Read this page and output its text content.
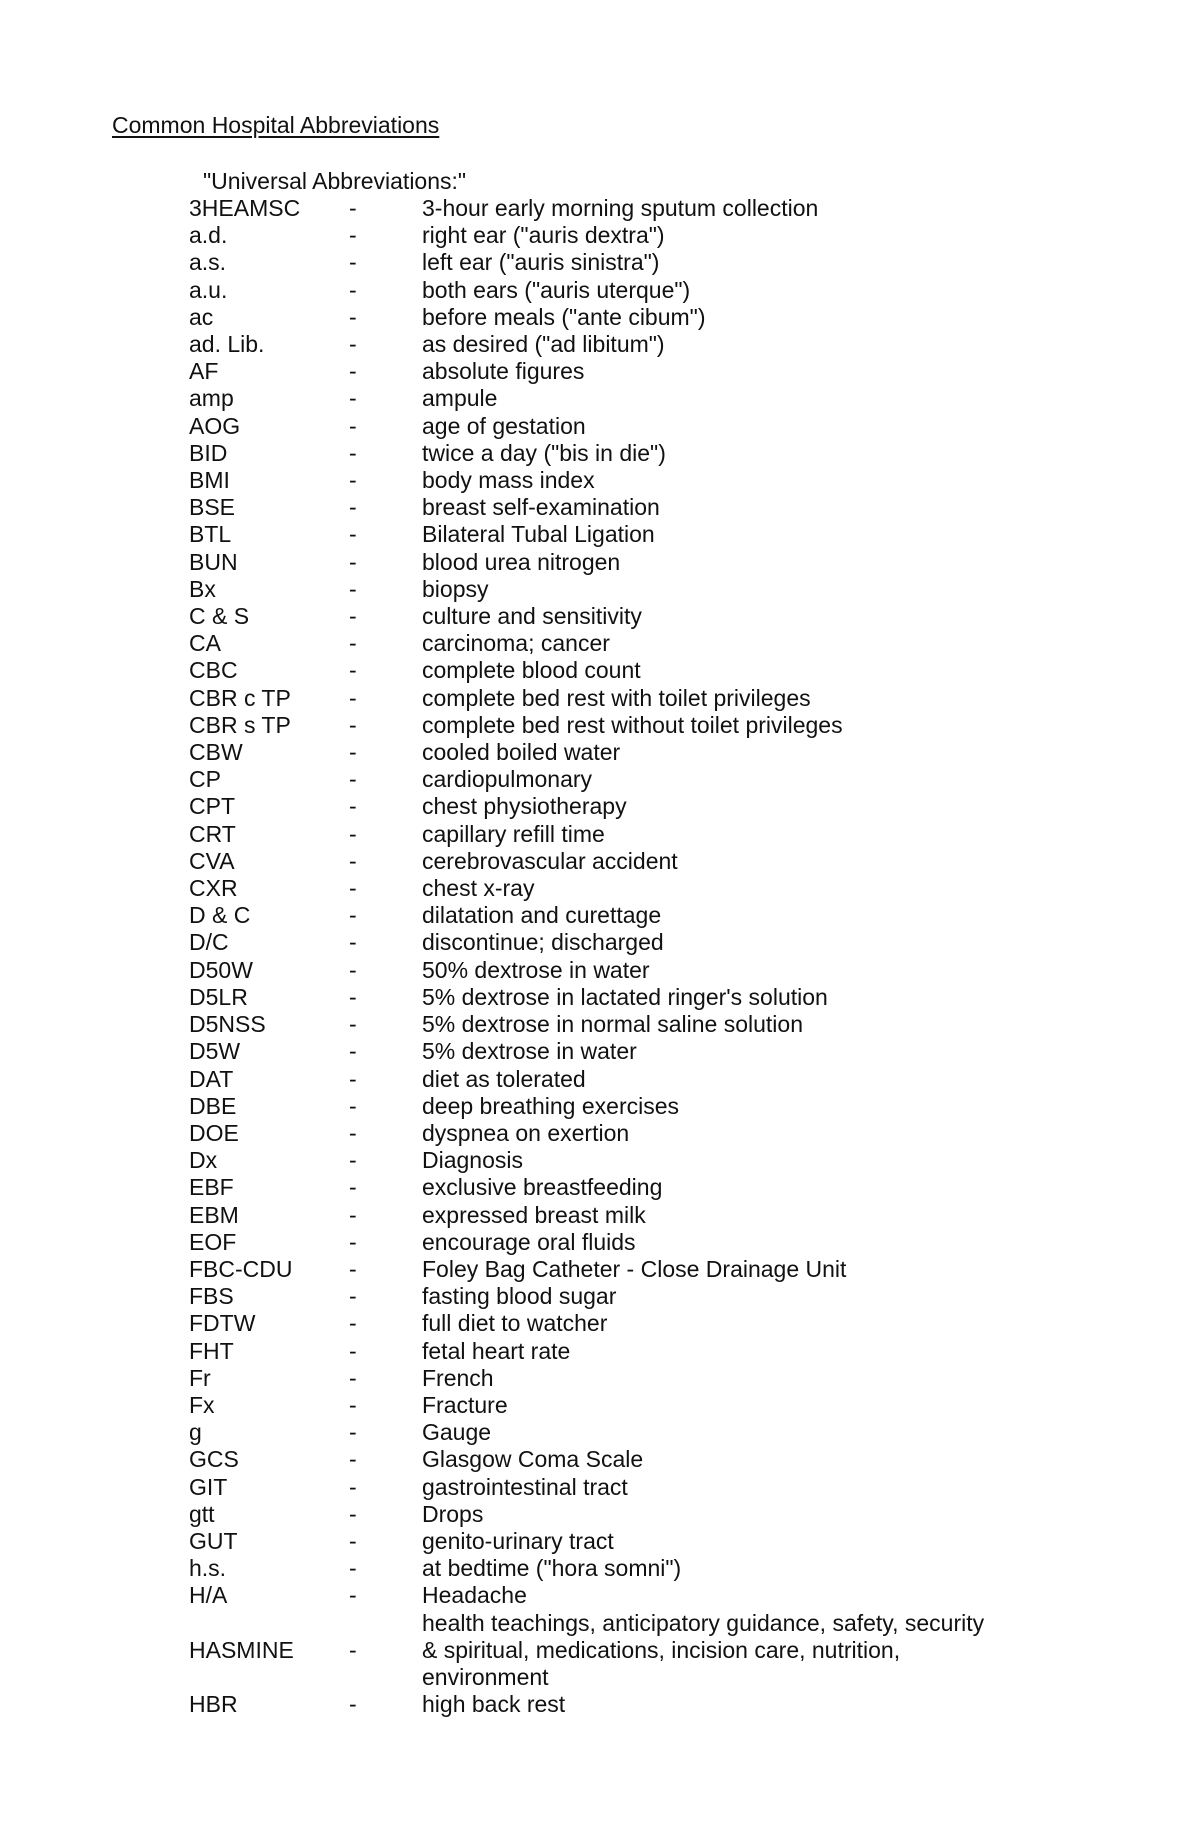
Common Hospital Abbreviations
"Universal Abbreviations:"
3HEAMSC	-	3-hour early morning sputum collection
a.d.	-	right ear ("auris dextra")
a.s.	-	left ear ("auris sinistra")
a.u.	-	both ears ("auris uterque")
ac	-	before meals ("ante cibum")
ad. Lib.	-	as desired ("ad libitum")
AF	-	absolute figures
amp	-	ampule
AOG	-	age of gestation
BID	-	twice a day ("bis in die")
BMI	-	body mass index
BSE	-	breast self-examination
BTL	-	Bilateral Tubal Ligation
BUN	-	blood urea nitrogen
Bx	-	biopsy
C & S	-	culture and sensitivity
CA	-	carcinoma; cancer
CBC	-	complete blood count
CBR c TP	-	complete bed rest with toilet privileges
CBR s TP	-	complete bed rest without toilet privileges
CBW	-	cooled boiled water
CP	-	cardiopulmonary
CPT	-	chest physiotherapy
CRT	-	capillary refill time
CVA	-	cerebrovascular accident
CXR	-	chest x-ray
D & C	-	dilatation and curettage
D/C	-	discontinue; discharged
D50W	-	50% dextrose in water
D5LR	-	5% dextrose in lactated ringer's solution
D5NSS	-	5% dextrose in normal saline solution
D5W	-	5% dextrose in water
DAT	-	diet as tolerated
DBE	-	deep breathing exercises
DOE	-	dyspnea on exertion
Dx	-	Diagnosis
EBF	-	exclusive breastfeeding
EBM	-	expressed breast milk
EOF	-	encourage oral fluids
FBC-CDU	-	Foley Bag Catheter - Close Drainage Unit
FBS	-	fasting blood sugar
FDTW	-	full diet to watcher
FHT	-	fetal heart rate
Fr	-	French
Fx	-	Fracture
g	-	Gauge
GCS	-	Glasgow Coma Scale
GIT	-	gastrointestinal tract
gtt	-	Drops
GUT	-	genito-urinary tract
h.s.	-	at bedtime ("hora somni")
H/A	-	Headache
HASMINE	-
health teachings, anticipatory guidance, safety, security
& spiritual, medications, incision care, nutrition,
environment
HBR	-	high back rest
